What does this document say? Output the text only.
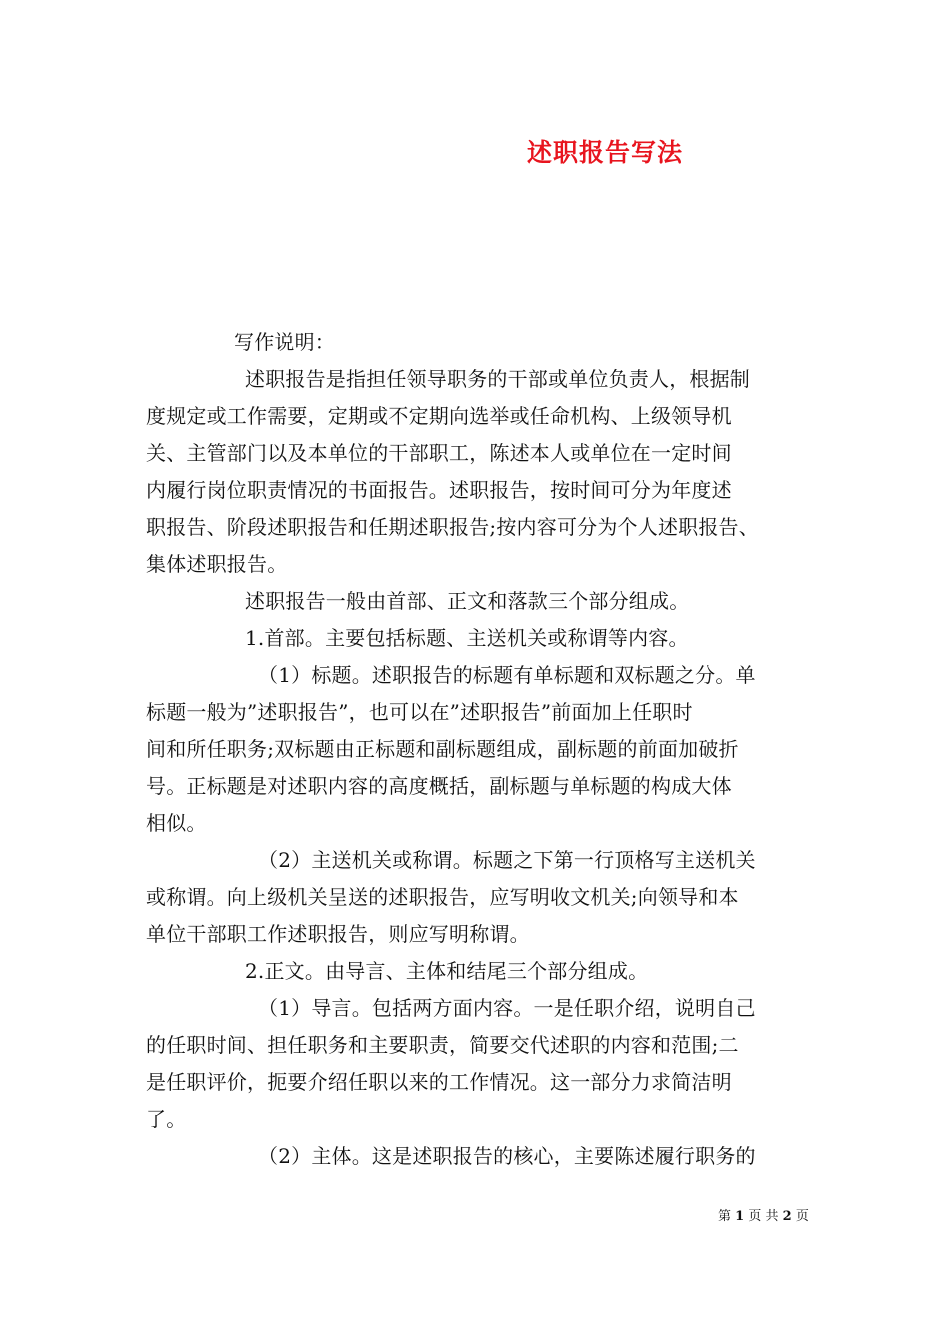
述职报告写法
写作说明：
述职报告是指担任领导职务的干部或单位负责人，根据制
度规定或工作需要，定期或不定期向选举或任命机构、上级领导机
关、主管部门以及本单位的干部职工，陈述本人或单位在一定时间
内履行岗位职责情况的书面报告。述职报告，按时间可分为年度述
职报告、阶段述职报告和任期述职报告;按内容可分为个人述职报告、
集体述职报告。
述职报告一般由首部、正文和落款三个部分组成。
1.首部。主要包括标题、主送机关或称谓等内容。
（1）标题。述职报告的标题有单标题和双标题之分。单
标题一般为”述职报告”，也可以在”述职报告”前面加上任职时
间和所任职务;双标题由正标题和副标题组成，副标题的前面加破折
号。正标题是对述职内容的高度概括，副标题与单标题的构成大体
相似。
（2）主送机关或称谓。标题之下第一行顶格写主送机关
或称谓。向上级机关呈送的述职报告，应写明收文机关;向领导和本
单位干部职工作述职报告，则应写明称谓。
2.正文。由导言、主体和结尾三个部分组成。
（1）导言。包括两方面内容。一是任职介绍，说明自己
的任职时间、担任职务和主要职责，简要交代述职的内容和范围;二
是任职评价，扼要介绍任职以来的工作情况。这一部分力求简洁明
了。
（2）主体。这是述职报告的核心，主要陈述履行职务的
第 1 页 共 2 页
